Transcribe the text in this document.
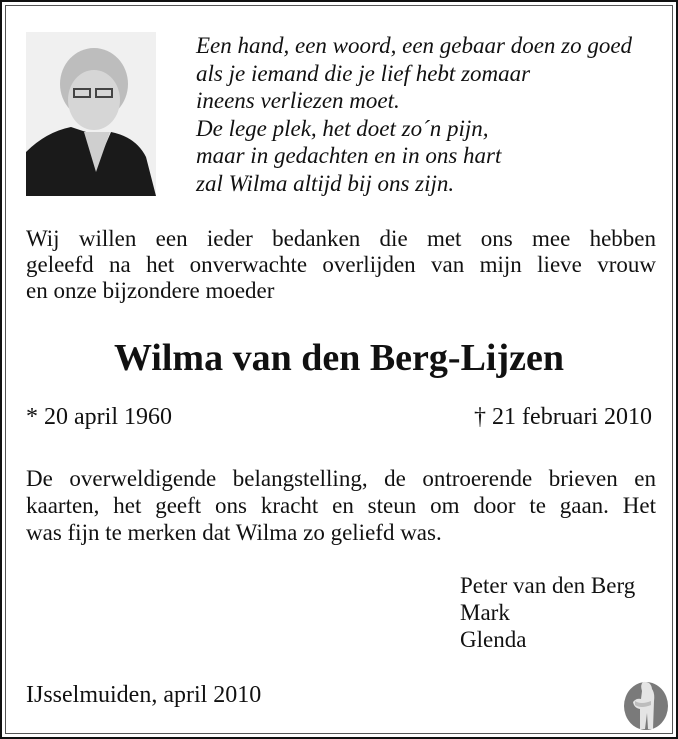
Een hand, een woord, een gebaar doen zo goed
als je iemand die je lief hebt zomaar
ineens verliezen moet.
De lege plek, het doet zo´n pijn,
maar in gedachten en in ons hart
zal Wilma altijd bij ons zijn.
Wij willen een ieder bedanken die met ons mee hebben
geleefd na het onverwachte overlijden van mijn lieve vrouw
en onze bijzondere moeder
Wilma van den Berg-Lijzen
* 20 april 1960	† 21 februari 2010
De overweldigende belangstelling, de ontroerende brieven en
kaarten, het geeft ons kracht en steun om door te gaan. Het
was fijn te merken dat Wilma zo geliefd was.
Peter van den Berg
Mark
Glenda
IJsselmuiden, april 2010
